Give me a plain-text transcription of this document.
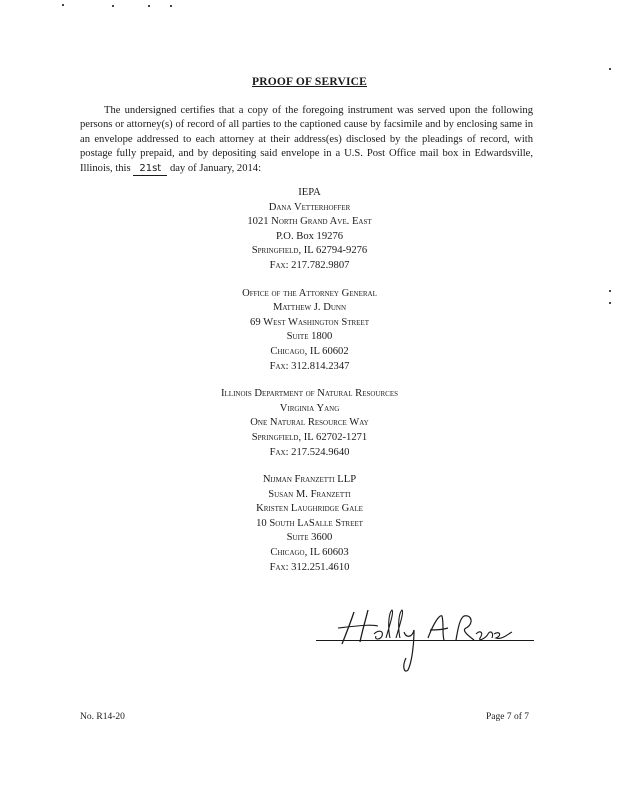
PROOF OF SERVICE
The undersigned certifies that a copy of the foregoing instrument was served upon the following persons or attorney(s) of record of all parties to the captioned cause by facsimile and by enclosing same in an envelope addressed to each attorney at their address(es) disclosed by the pleadings of record, with postage fully prepaid, and by depositing said envelope in a U.S. Post Office mail box in Edwardsville, Illinois, this 21st day of January, 2014:
IEPA
Dana Vetterhoffer
1021 North Grand Ave. East
P.O. Box 19276
Springfield, IL 62794-9276
Fax: 217.782.9807
Office of the Attorney General
Matthew J. Dunn
69 West Washington Street
Suite 1800
Chicago, IL 60602
Fax: 312.814.2347
Illinois Department of Natural Resources
Virginia Yang
One Natural Resource Way
Springfield, IL 62702-1271
Fax: 217.524.9640
Nijman Franzetti LLP
Susan M. Franzetti
Kristen Laughridge Gale
10 South LaSalle Street
Suite 3600
Chicago, IL 60603
Fax: 312.251.4610
No. R14-20	Page 7 of 7
